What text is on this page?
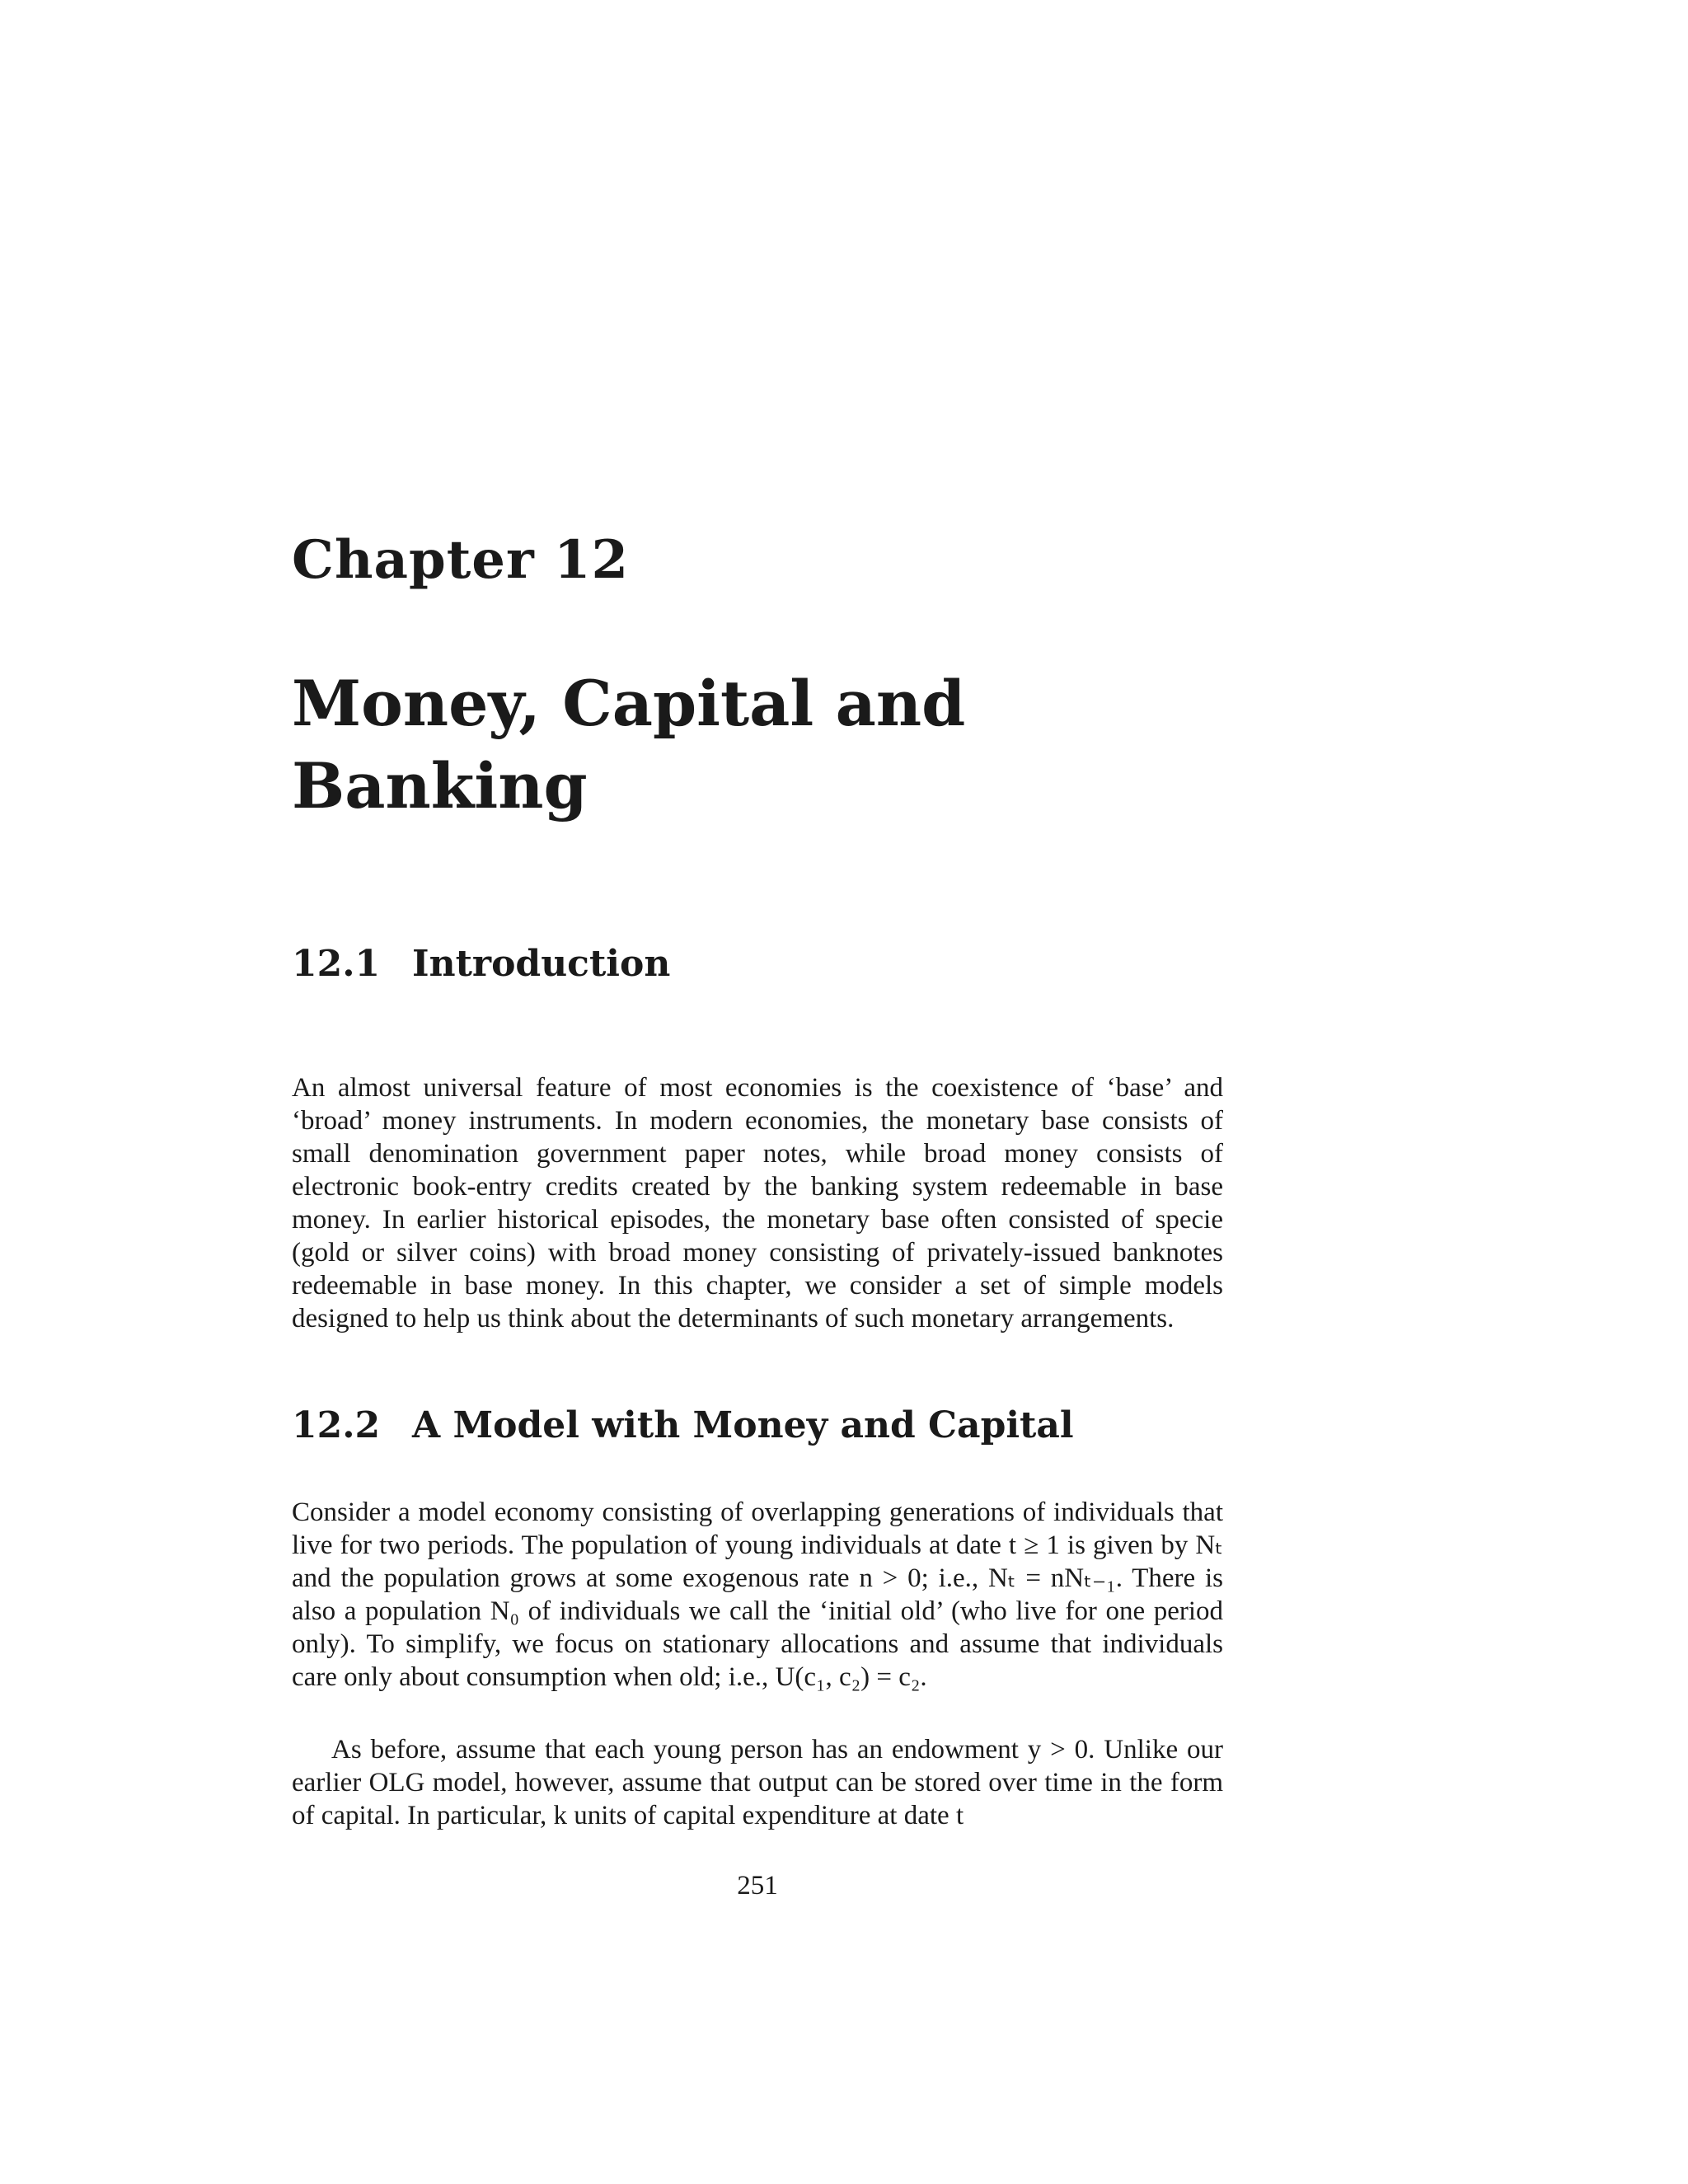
Chapter 12
Money, Capital and Banking
12.1 Introduction

An almost universal feature of most economies is the coexistence of ‘base’ and ‘broad’ money instruments. In modern economies, the monetary base consists of small denomination government paper notes, while broad money consists of electronic book-entry credits created by the banking system redeemable in base money. In earlier historical episodes, the monetary base often consisted of specie (gold or silver coins) with broad money consisting of privately-issued banknotes redeemable in base money. In this chapter, we consider a set of simple models designed to help us think about the determinants of such monetary arrangements.

12.2 A Model with Money and Capital

Consider a model economy consisting of overlapping generations of individuals that live for two periods. The population of young individuals at date t ≥ 1 is given by Nₜ and the population grows at some exogenous rate n > 0; i.e., Nₜ = nNₜ₋₁. There is also a population N₀ of individuals we call the ‘initial old’ (who live for one period only). To simplify, we focus on stationary allocations and assume that individuals care only about consumption when old; i.e., U(c₁, c₂) = c₂.

As before, assume that each young person has an endowment y > 0. Unlike our earlier OLG model, however, assume that output can be stored over time in the form of capital. In particular, k units of capital expenditure at date t

251
